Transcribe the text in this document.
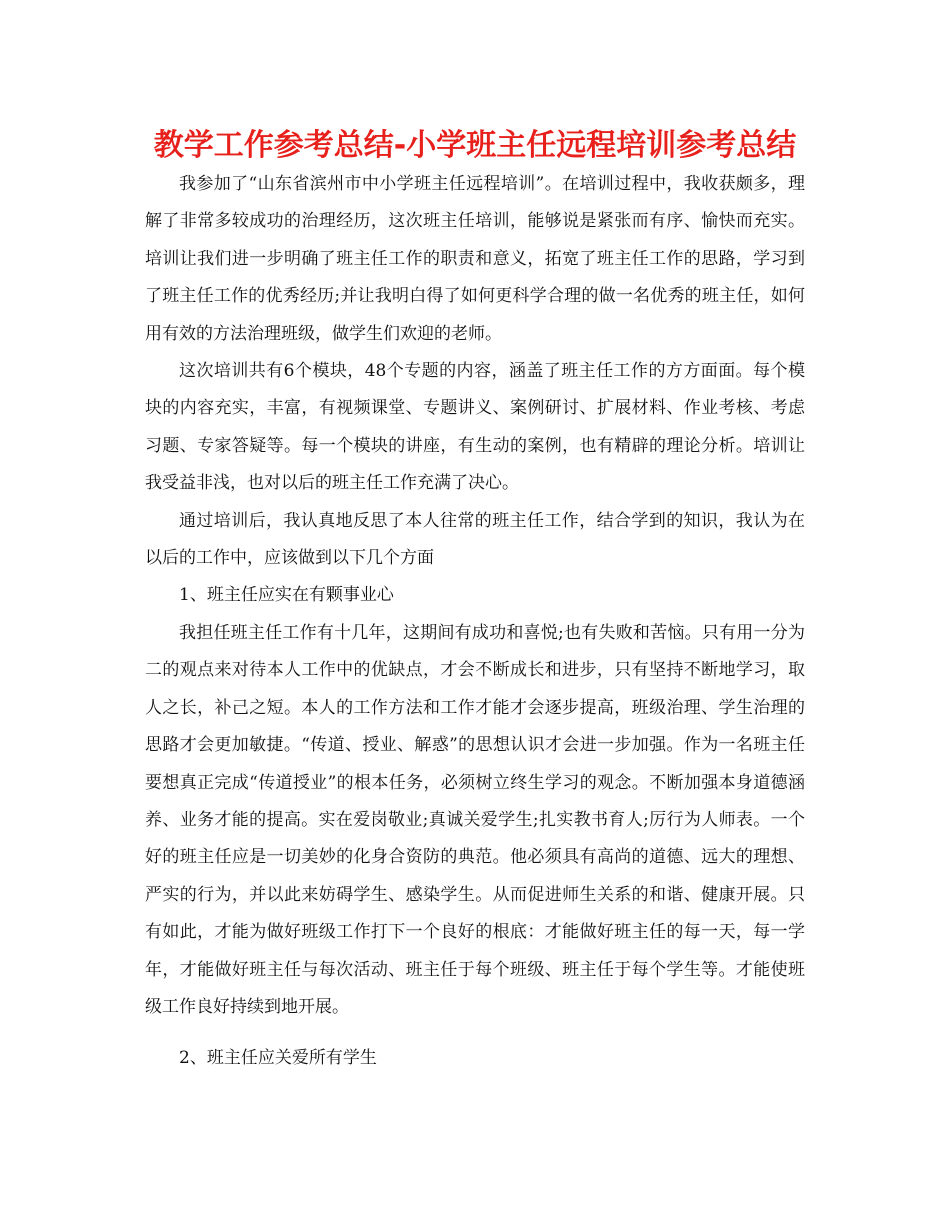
教学工作参考总结-小学班主任远程培训参考总结

我参加了“山东省滨州市中小学班主任远程培训”。在培训过程中，我收获颇多，理解了非常多较成功的治理经历，这次班主任培训，能够说是紧张而有序、愉快而充实。培训让我们进一步明确了班主任工作的职责和意义，拓宽了班主任工作的思路，学习到了班主任工作的优秀经历;并让我明白得了如何更科学合理的做一名优秀的班主任，如何用有效的方法治理班级，做学生们欢迎的老师。

这次培训共有6个模块，48个专题的内容，涵盖了班主任工作的方方面面。每个模块的内容充实，丰富，有视频课堂、专题讲义、案例研讨、扩展材料、作业考核、考虑习题、专家答疑等。每一个模块的讲座，有生动的案例，也有精辟的理论分析。培训让我受益非浅，也对以后的班主任工作充满了决心。

通过培训后，我认真地反思了本人往常的班主任工作，结合学到的知识，我认为在以后的工作中，应该做到以下几个方面

1、班主任应实在有颗事业心

我担任班主任工作有十几年，这期间有成功和喜悦;也有失败和苦恼。只有用一分为二的观点来对待本人工作中的优缺点，才会不断成长和进步，只有坚持不断地学习，取人之长，补己之短。本人的工作方法和工作才能才会逐步提高，班级治理、学生治理的思路才会更加敏捷。“传道、授业、解惑”的思想认识才会进一步加强。作为一名班主任要想真正完成“传道授业”的根本任务，必须树立终生学习的观念。不断加强本身道德涵养、业务才能的提高。实在爱岗敬业;真诚关爱学生;扎实教书育人;厉行为人师表。一个好的班主任应是一切美妙的化身合资防的典范。他必须具有高尚的道德、远大的理想、严实的行为，并以此来妨碍学生、感染学生。从而促进师生关系的和谐、健康开展。只有如此，才能为做好班级工作打下一个良好的根底：才能做好班主任的每一天，每一学年，才能做好班主任与每次活动、班主任于每个班级、班主任于每个学生等。才能使班级工作良好持续到地开展。

2、班主任应关爱所有学生
